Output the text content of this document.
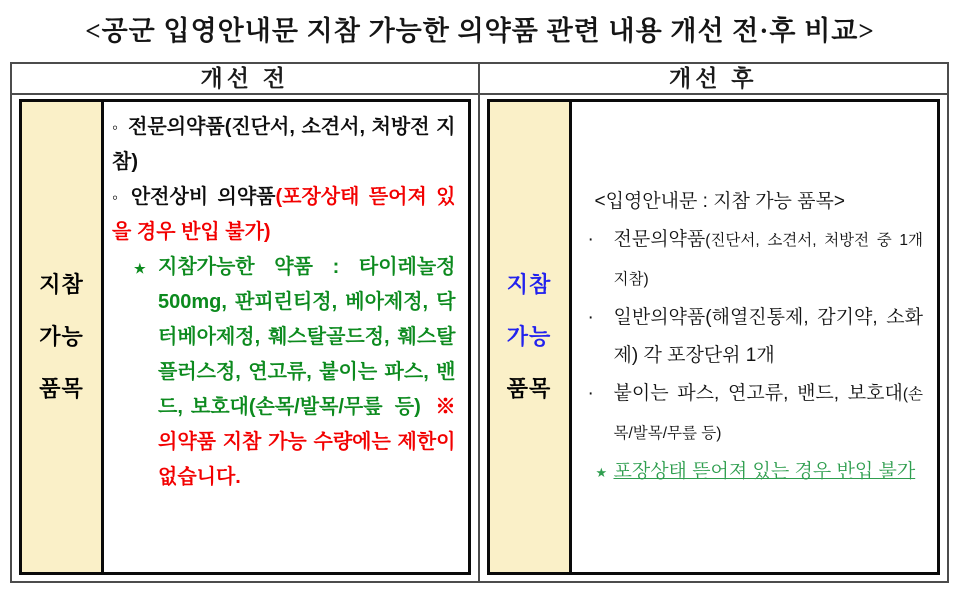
<공군 입영안내문 지참 가능한 의약품 관련 내용 개선 전·후 비교>
개선 전	개선 후
지참
가능
품목

◦ 전문의약품(진단서, 소견서, 처방전 지참)

◦ 안전상비 의약품(포장상태 뜯어져 있을 경우 반입 불가)

★ 지참가능한 약품 : 타이레놀정 500mg, 판피린티정, 베아제정, 닥터베아제정, 훼스탈골드정, 훼스탈플러스정, 연고류, 붙이는 파스, 밴드, 보호대(손목/발목/무릎 등) ※ 의약품 지참 가능 수량에는 제한이 없습니다.

지참
가능
품목

<입영안내문 : 지참 가능 품목>

· 전문의약품(진단서, 소견서, 처방전 중 1개 지참)

· 일반의약품(해열진통제, 감기약, 소화제) 각 포장단위 1개

· 붙이는 파스, 연고류, 밴드, 보호대(손목/발목/무릎 등)

★ 포장상태 뜯어져 있는 경우 반입 불가
